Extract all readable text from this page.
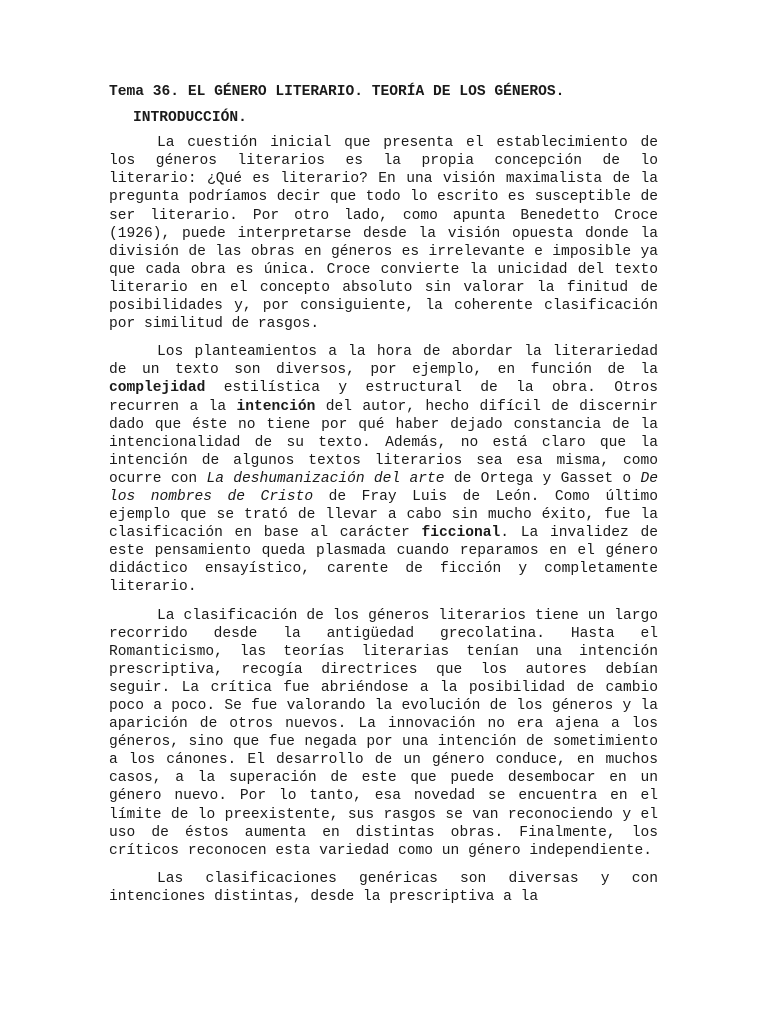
Tema 36. EL GÉNERO LITERARIO. TEORÍA DE LOS GÉNEROS.
INTRODUCCIÓN.

La cuestión inicial que presenta el establecimiento de los géneros literarios es la propia concepción de lo literario: ¿Qué es literario? En una visión maximalista de la pregunta podríamos decir que todo lo escrito es susceptible de ser literario. Por otro lado, como apunta Benedetto Croce (1926), puede interpretarse desde la visión opuesta donde la división de las obras en géneros es irrelevante e imposible ya que cada obra es única. Croce convierte la unicidad del texto literario en el concepto absoluto sin valorar la finitud de posibilidades y, por consiguiente, la coherente clasificación por similitud de rasgos.

Los planteamientos a la hora de abordar la literariedad de un texto son diversos, por ejemplo, en función de la complejidad estilística y estructural de la obra. Otros recurren a la intención del autor, hecho difícil de discernir dado que éste no tiene por qué haber dejado constancia de la intencionalidad de su texto. Además, no está claro que la intención de algunos textos literarios sea esa misma, como ocurre con La deshumanización del arte de Ortega y Gasset o De los nombres de Cristo de Fray Luis de León. Como último ejemplo que se trató de llevar a cabo sin mucho éxito, fue la clasificación en base al carácter ficcional. La invalidez de este pensamiento queda plasmada cuando reparamos en el género didáctico ensayístico, carente de ficción y completamente literario.

La clasificación de los géneros literarios tiene un largo recorrido desde la antigüedad grecolatina. Hasta el Romanticismo, las teorías literarias tenían una intención prescriptiva, recogía directrices que los autores debían seguir. La crítica fue abriéndose a la posibilidad de cambio poco a poco. Se fue valorando la evolución de los géneros y la aparición de otros nuevos. La innovación no era ajena a los géneros, sino que fue negada por una intención de sometimiento a los cánones. El desarrollo de un género conduce, en muchos casos, a la superación de este que puede desembocar en un género nuevo. Por lo tanto, esa novedad se encuentra en el límite de lo preexistente, sus rasgos se van reconociendo y el uso de éstos aumenta en distintas obras. Finalmente, los críticos reconocen esta variedad como un género independiente.

Las clasificaciones genéricas son diversas y con intenciones distintas, desde la prescriptiva a la
